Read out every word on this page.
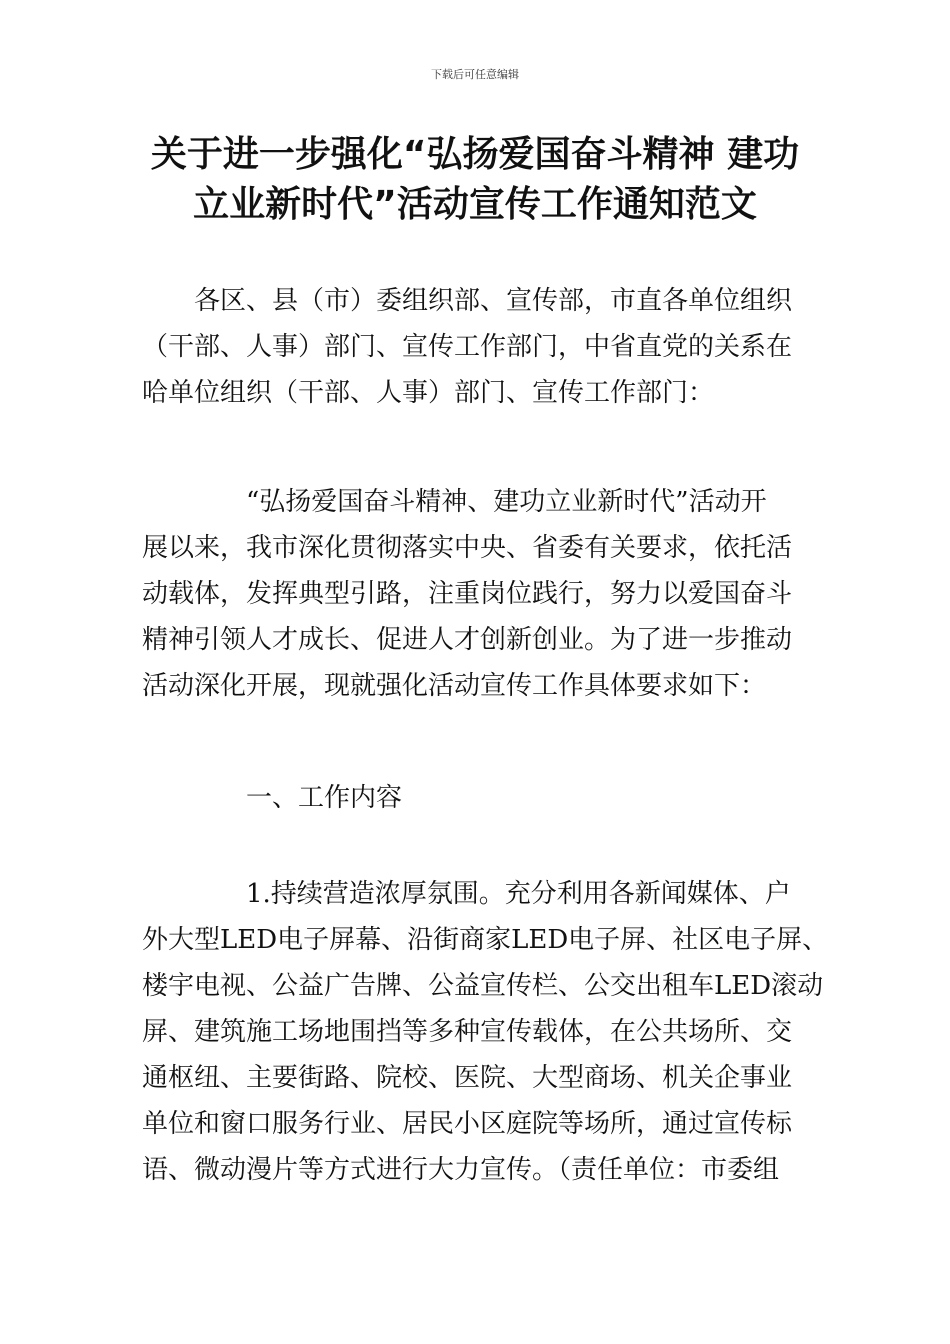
下载后可任意编辑
关于进一步强化“弘扬爱国奋斗精神 建功
立业新时代”活动宣传工作通知范文
各区、县（市）委组织部、宣传部，市直各单位组织
（干部、人事）部门、宣传工作部门，中省直党的关系在
哈单位组织（干部、人事）部门、宣传工作部门：
“弘扬爱国奋斗精神、建功立业新时代”活动开
展以来，我市深化贯彻落实中央、省委有关要求，依托活
动载体，发挥典型引路，注重岗位践行，努力以爱国奋斗
精神引领人才成长、促进人才创新创业。为了进一步推动
活动深化开展，现就强化活动宣传工作具体要求如下：
一、工作内容
1.持续营造浓厚氛围。充分利用各新闻媒体、户
外大型LED电子屏幕、沿街商家LED电子屏、社区电子屏、
楼宇电视、公益广告牌、公益宣传栏、公交出租车LED滚动
屏、建筑施工场地围挡等多种宣传载体，在公共场所、交
通枢纽、主要街路、院校、医院、大型商场、机关企事业
单位和窗口服务行业、居民小区庭院等场所，通过宣传标
语、微动漫片等方式进行大力宣传。（责任单位：市委组
